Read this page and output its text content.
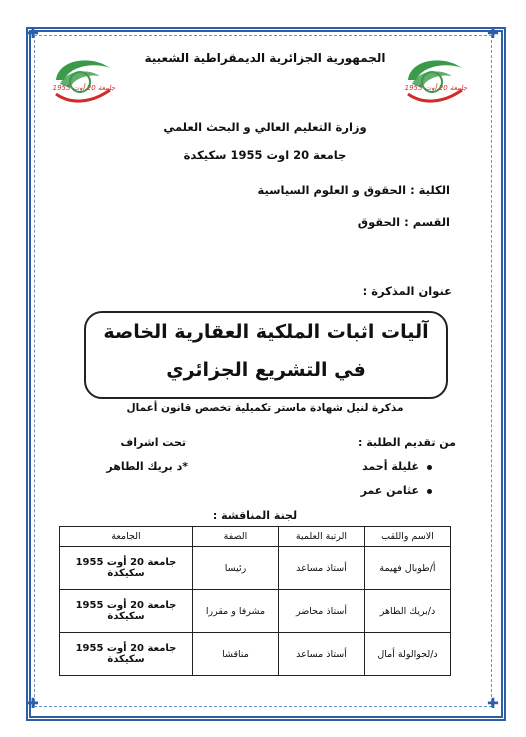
✚	✚
✚	✚
جامعة 20 أوت 1955	جامعة 20 أوت 1955
الجمهورية الجزائرية الديمقراطية الشعبية
وزارة التعليم العالي و البحث العلمي
جامعة 20 اوت 1955 سكيكدة
الكلية : الحقوق و العلوم السياسية
القسم : الحقوق
عنوان المذكرة :
آليات اثبات الملكية العقارية الخاصة
في التشريع الجزائري
مذكرة لنيل شهادة ماستر تكميلية تخصص قانون أعمال
من تقديم الطلبة :
غليلة أحمد
عثامن عمر
تحت اشراف
*د بريك الطاهر
لجنة المناقشة :
الاسم واللقب	الرتبة العلمية	الصفة	الجامعة
أ/طوبال فهيمة	أستاذ مساعد	رئيسا	جامعة 20 أوت 1955
سكيكدة

د/بريك الطاهر	أستاذ محاضر	مشرفا و مقررا	جامعة 20 أوت 1955
سكيكدة

د/لحوالولة أمال	أستاذ مساعد	مناقشا	جامعة 20 أوت 1955
سكيكدة
